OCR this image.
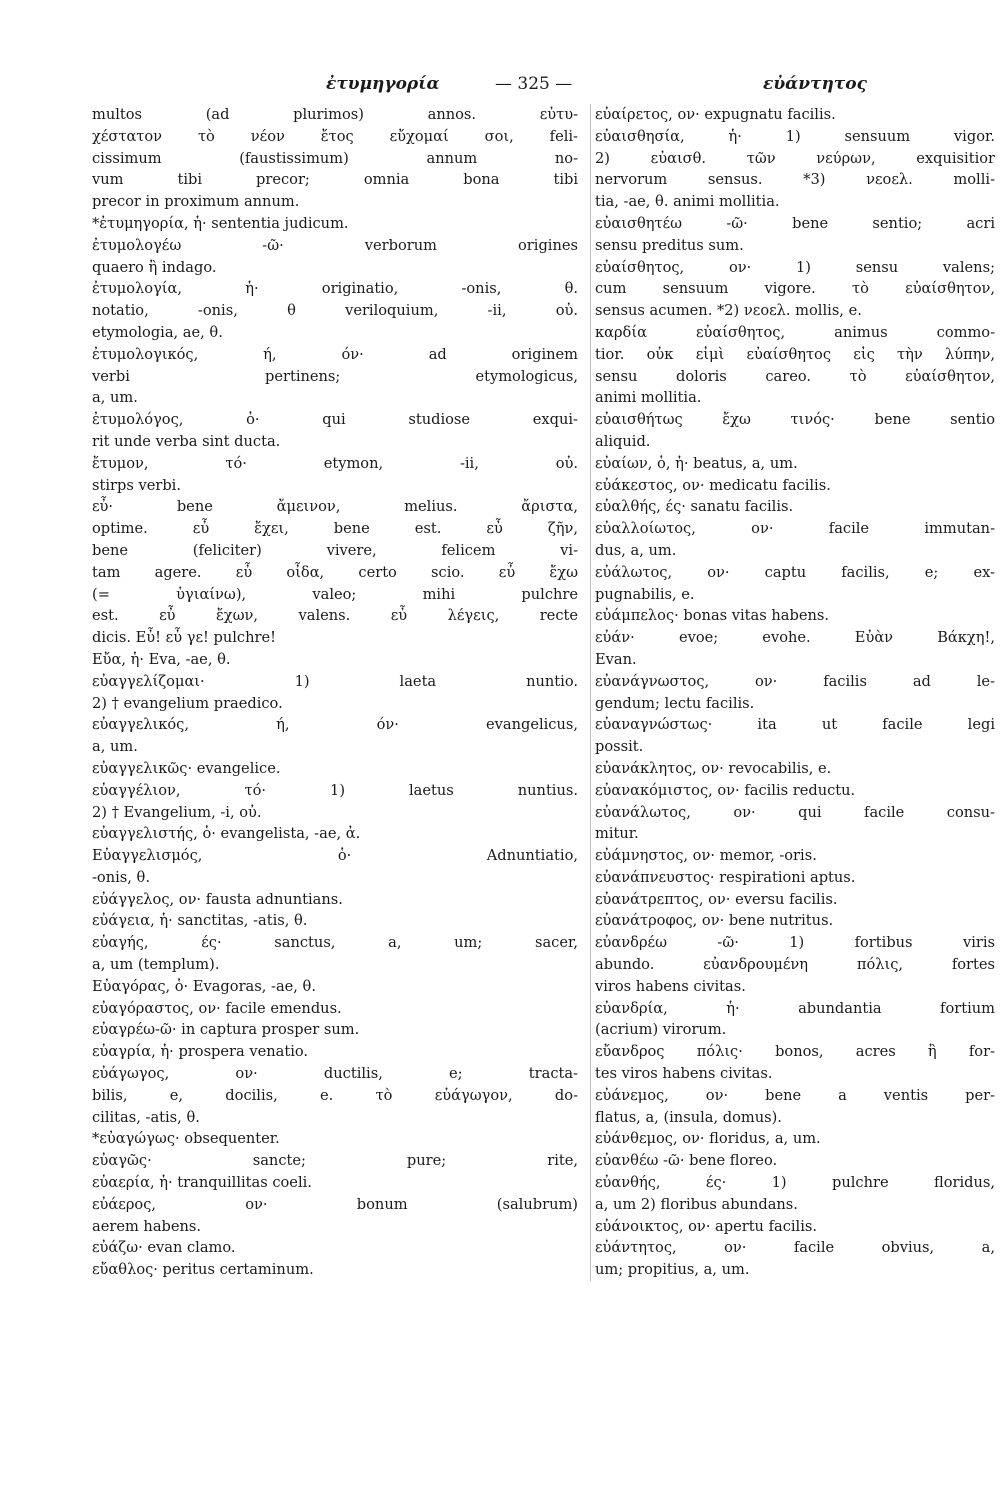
ἐτυμηγορία	— 325 —	εὐάντητος
multos (ad plurimos) annos. εὐτυ-
χέστατον τὸ νέον ἔτος εὔχομαί σοι, feli-
cissimum (faustissimum) annum no-
vum tibi precor; omnia bona tibi
precor in proximum annum.
*ἐτυμηγορία, ἡ· sententia judicum.
ἐτυμολογέω -ῶ· verborum origines
quaero ἢ indago.
ἐτυμολογία, ἡ· originatio, -onis, θ.
notatio, -onis, θ veriloquium, -ii, οὐ.
etymologia, ae, θ.
ἐτυμολογικός, ή, όν· ad originem
verbi pertinens; etymologicus,
a, um.
ἐτυμολόγος, ὁ· qui studiose exqui-
rit unde verba sint ducta.
ἔτυμον, τό· etymon, -ii, οὐ.
stirps verbi.
εὖ· bene ἄμεινον, melius. ἄριστα,
optime. εὖ ἔχει, bene est. εὖ ζῆν,
bene (feliciter) vivere, felicem vi-
tam agere. εὖ οἶδα, certo scio. εὖ ἔχω
(= ὑγιαίνω), valeo; mihi pulchre
est. εὖ ἔχων, valens. εὖ λέγεις, recte
dicis. Εὖ! εὖ γε! pulchre!
Εὔα, ἡ· Eva, -ae, θ.
εὐαγγελίζομαι· 1) laeta nuntio.
2) † evangelium praedico.
εὐαγγελικός, ή, όν· evangelicus,
a, um.
εὐαγγελικῶς· evangelice.
εὐαγγέλιον, τό· 1) laetus nuntius.
2) † Evangelium, -i, οὐ.
εὐαγγελιστής, ὁ· evangelista, -ae, ἀ.
Εὐαγγελισμός, ὁ· Adnuntiatio,
-onis, θ.
εὐάγγελος, ον· fausta adnuntians.
εὐάγεια, ἡ· sanctitas, -atis, θ.
εὐαγής, ές· sanctus, a, um; sacer,
a, um (templum).
Εὐαγόρας, ὁ· Evagoras, -ae, θ.
εὐαγόραστος, ον· facile emendus.
εὐαγρέω-ῶ· in captura prosper sum.
εὐαγρία, ἡ· prospera venatio.
εὐάγωγος, ον· ductilis, e; tracta-
bilis, e, docilis, e. τὸ εὐάγωγον, do-
cilitas, -atis, θ.
*εὐαγώγως· obsequenter.
εὐαγῶς· sancte; pure; rite,
εὐαερία, ἡ· tranquillitas coeli.
εὐάερος, ον· bonum (salubrum)
aerem habens.
εὐάζω· evan clamo.
εὔαθλος· peritus certaminum.
εὐαίρετος, ον· expugnatu facilis.
εὐαισθησία, ἡ· 1) sensuum vigor.
2) εὐαισθ. τῶν νεύρων, exquisitior
nervorum sensus. *3) νεοελ. molli-
tia, -ae, θ. animi mollitia.
εὐαισθητέω -ῶ· bene sentio; acri
sensu preditus sum.
εὐαίσθητος, ον· 1) sensu valens;
cum sensuum vigore. τὸ εὐαίσθητον,
sensus acumen. *2) νεοελ. mollis, e.
καρδία εὐαίσθητος, animus commo-
tior. οὐκ εἰμὶ εὐαίσθητος εἰς τὴν λύπην,
sensu doloris careo. τὸ εὐαίσθητον,
animi mollitia.
εὐαισθήτως ἔχω τινός· bene sentio
aliquid.
εὐαίων, ὁ, ἡ· beatus, a, um.
εὐάκεστος, ον· medicatu facilis.
εὐαλθής, ές· sanatu facilis.
εὐαλλοίωτος, ον· facile immutan-
dus, a, um.
εὐάλωτος, ον· captu facilis, e; ex-
pugnabilis, e.
εὐάμπελος· bonas vitas habens.
εὐάν· evoe; evohe. Εὐὰν Βάκχη!,
Evan.
εὐανάγνωστος, ον· facilis ad le-
gendum; lectu facilis.
εὐαναγνώστως· ita ut facile legi
possit.
εὐανάκλητος, ον· revocabilis, e.
εὐανακόμιστος, ον· facilis reductu.
εὐανάλωτος, ον· qui facile consu-
mitur.
εὐάμνηστος, ον· memor, -oris.
εὐανάπνευστος· respirationi aptus.
εὐανάτρεπτος, ον· eversu facilis.
εὐανάτροφος, ον· bene nutritus.
εὐανδρέω -ῶ· 1) fortibus viris
abundo. εὐανδρουμένη πόλις, fortes
viros habens civitas.
εὐανδρία, ἡ· abundantia fortium
(acrium) virorum.
εὔανδρος πόλις· bonos, acres ἢ for-
tes viros habens civitas.
εὐάνεμος, ον· bene a ventis per-
flatus, a, (insula, domus).
εὐάνθεμος, ον· floridus, a, um.
εὐανθέω -ῶ· bene floreo.
εὐανθής, ές· 1) pulchre floridus,
a, um 2) floribus abundans.
εὐάνοικτος, ον· apertu facilis.
εὐάντητος, ον· facile obvius, a,
um; propitius, a, um.
